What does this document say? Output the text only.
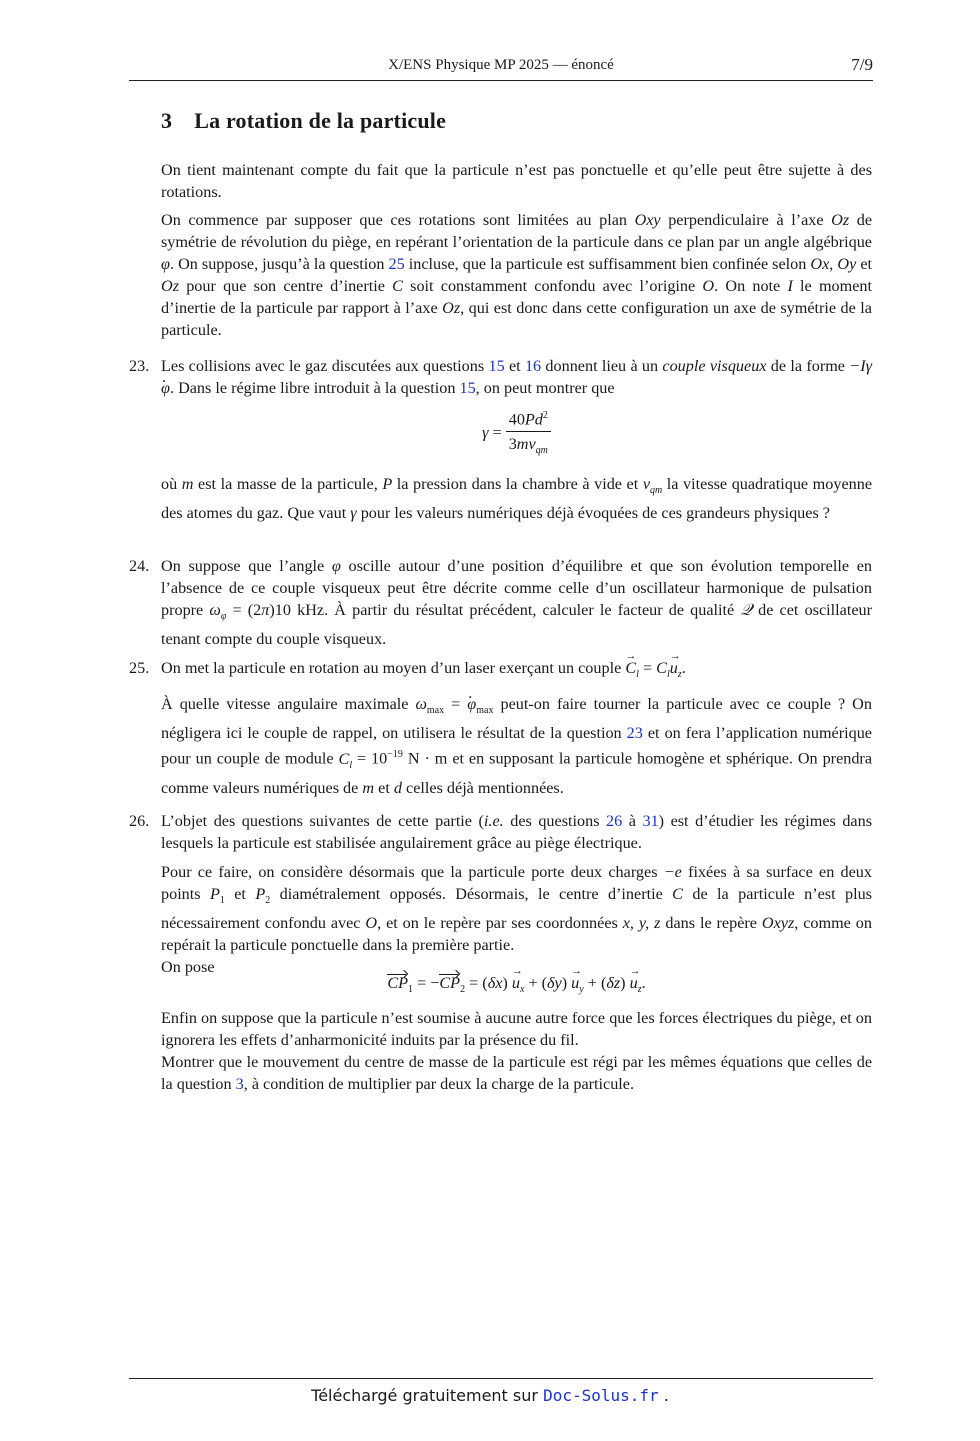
X/ENS Physique MP 2025 — énoncé	7/9
3 La rotation de la particule

On tient maintenant compte du fait que la particule n’est pas ponctuelle et qu’elle peut être sujette à des rotations.

On commence par supposer que ces rotations sont limitées au plan Oxy perpendiculaire à l’axe Oz de symétrie de révolution du piège, en repérant l’orientation de la particule dans ce plan par un angle algébrique φ. On suppose, jusqu’à la question 25 incluse, que la particule est suffisamment bien confinée selon Ox, Oy et Oz pour que son centre d’inertie C soit constamment confondu avec l’origine O. On note I le moment d’inertie de la particule par rapport à l’axe Oz, qui est donc dans cette configuration un axe de symétrie de la particule.

23. Les collisions avec le gaz discutées aux questions 15 et 16 donnent lieu à un couple visqueux de la forme −Iγ. φ. Dans le régime libre introduit à la question 15, on peut montrer que

$\gamma = \frac{40Pd^2}{3mv_{qm}}$

où m est la masse de la particule, P la pression dans la chambre à vide et $v_{qm}$ la vitesse quadratique moyenne des atomes du gaz. Que vaut γ pour les valeurs numériques déjà évoquées de ces grandeurs physiques ?

24. On suppose que l’angle φ oscille autour d’une position d’équilibre et que son évolution temporelle en l’absence de ce couple visqueux peut être décrite comme celle d’un oscillateur harmonique de pulsation propre $\omega_\varphi = (2\pi)10$ kHz. À partir du résultat précédent, calculer le facteur de qualité 𝒬 de cet oscillateur tenant compte du couple visqueux.

25. On met la particule en rotation au moyen d’un laser exerçant un couple → $C_l = C_l\to u_z$.

À quelle vitesse angulaire maximale $\omega_{max}$ = . $\varphi_{max}$ peut-on faire tourner la particule avec ce couple ? On négligera ici le couple de rappel, on utilisera le résultat de la question 23 et on fera l’application numérique pour un couple de module $C_l = 10^{-19}$ N · m et en supposant la particule homogène et sphérique. On prendra comme valeurs numériques de m et d celles déjà mentionnées.

26. L’objet des questions suivantes de cette partie (i.e. des questions 26 à 31) est d’étudier les régimes dans lesquels la particule est stabilisée angulairement grâce au piège électrique.

Pour ce faire, on considère désormais que la particule porte deux charges −e fixées à sa surface en deux points $P_1$ et $P_2$ diamétralement opposés. Désormais, le centre d’inertie C de la particule n’est plus nécessairement confondu avec O, et on le repère par ses coordonnées x, y, z dans le repère Oxyz, comme on repérait la particule ponctuelle dans la première partie.
On pose

$CP_1 = -CP_2 = (\delta x) \to u_x + (\delta y) \to u_y + (\delta z) \to u_z$.

Enfin on suppose que la particule n’est soumise à aucune autre force que les forces électriques du piège, et on ignorera les effets d’anharmonicité induits par la présence du fil.
Montrer que le mouvement du centre de masse de la particule est régi par les mêmes équations que celles de la question 3, à condition de multiplier par deux la charge de la particule.

Téléchargé gratuitement sur Doc-Solus.fr .
